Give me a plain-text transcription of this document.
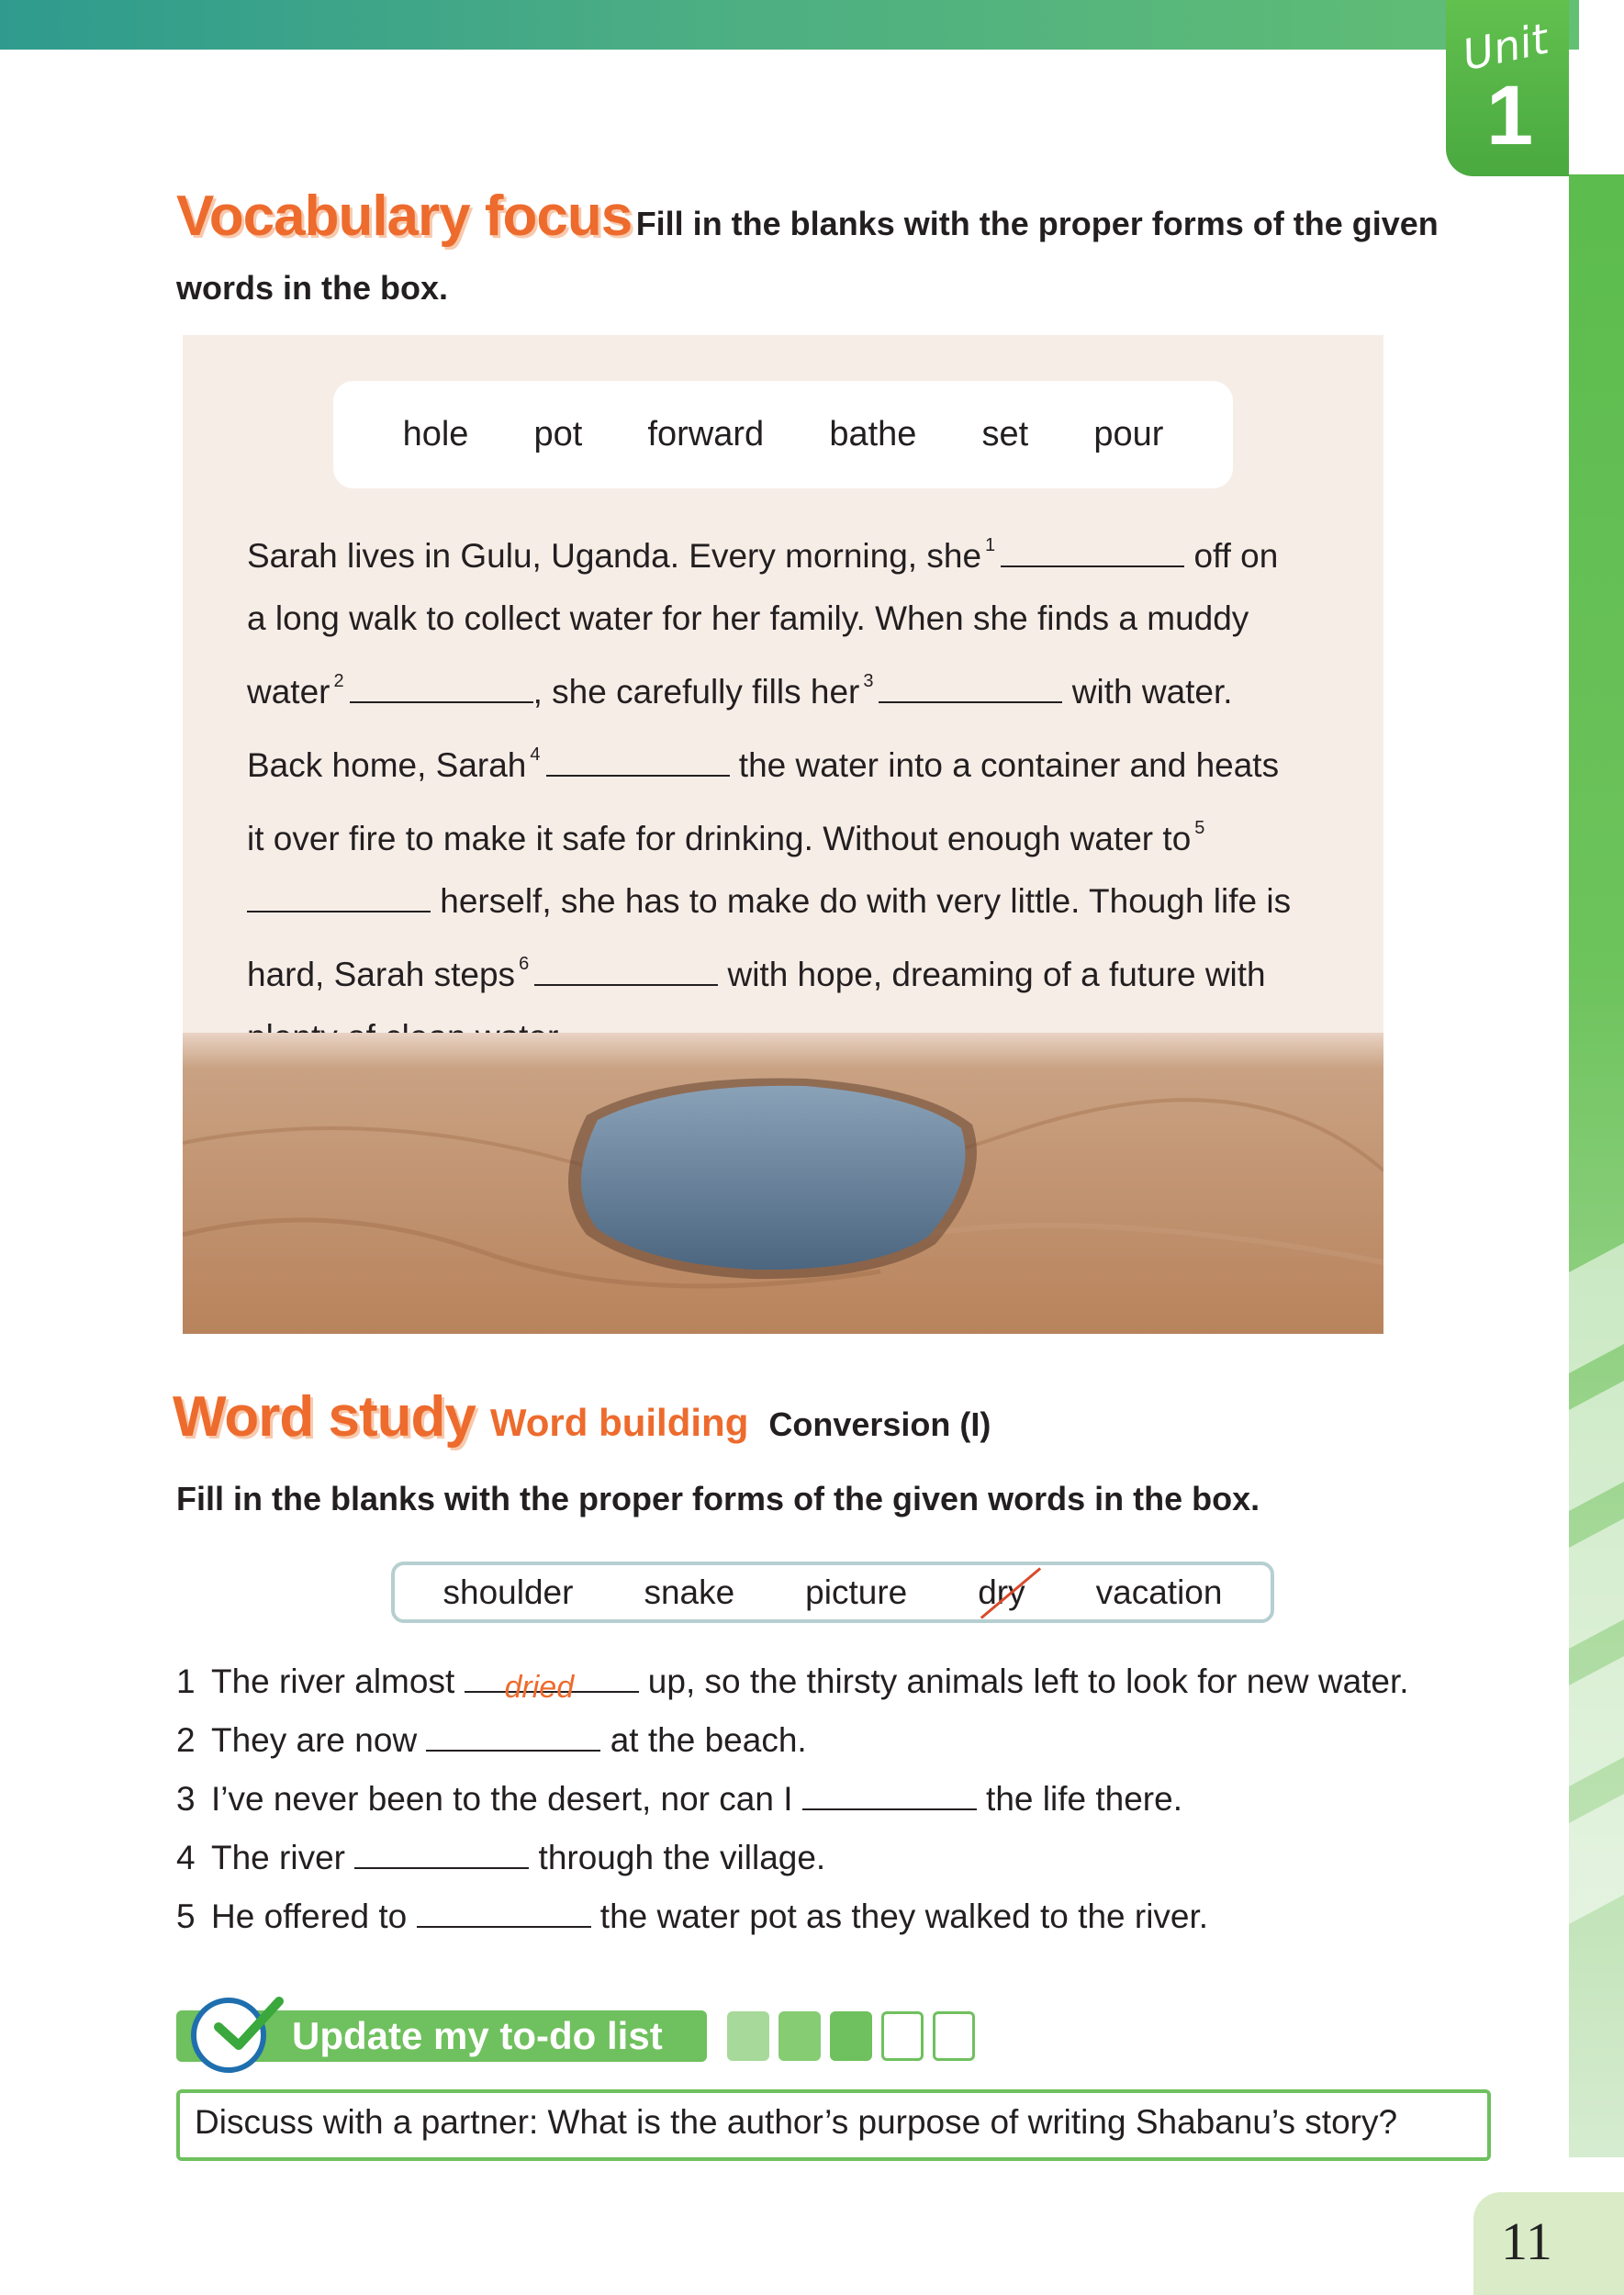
Unit
1
Vocabulary focus Fill in the blanks with the proper forms of the given
words in the box.
hole pot forward bathe set pour
Sarah lives in Gulu, Uganda. Every morning, she $^1$	off on
a long walk to collect water for her family. When she finds a muddy
water $^2$	, she carefully fills her $^3$	with water.
Back home, Sarah $^4$	the water into a container and heats
it over fire to make it safe for drinking. Without enough water to $^5$
herself, she has to make do with very little. Though life is
hard, Sarah steps $^6$	with hope, dreaming of a future with

Word study Word building Conversion (I)
Fill in the blanks with the proper forms of the given words in the box.
shoulder snake picture dry vacation
1 The river almost dried up, so the thirsty animals left to look for new water.
2 They are now	at the beach.
3 I’ve never been to the desert, nor can I	the life there.
4 The river	through the village.
5 He offered to	the water pot as they walked to the river.
Update my to-do list
Discuss with a partner: What is the author’s purpose of writing Shabanu’s story?
11
